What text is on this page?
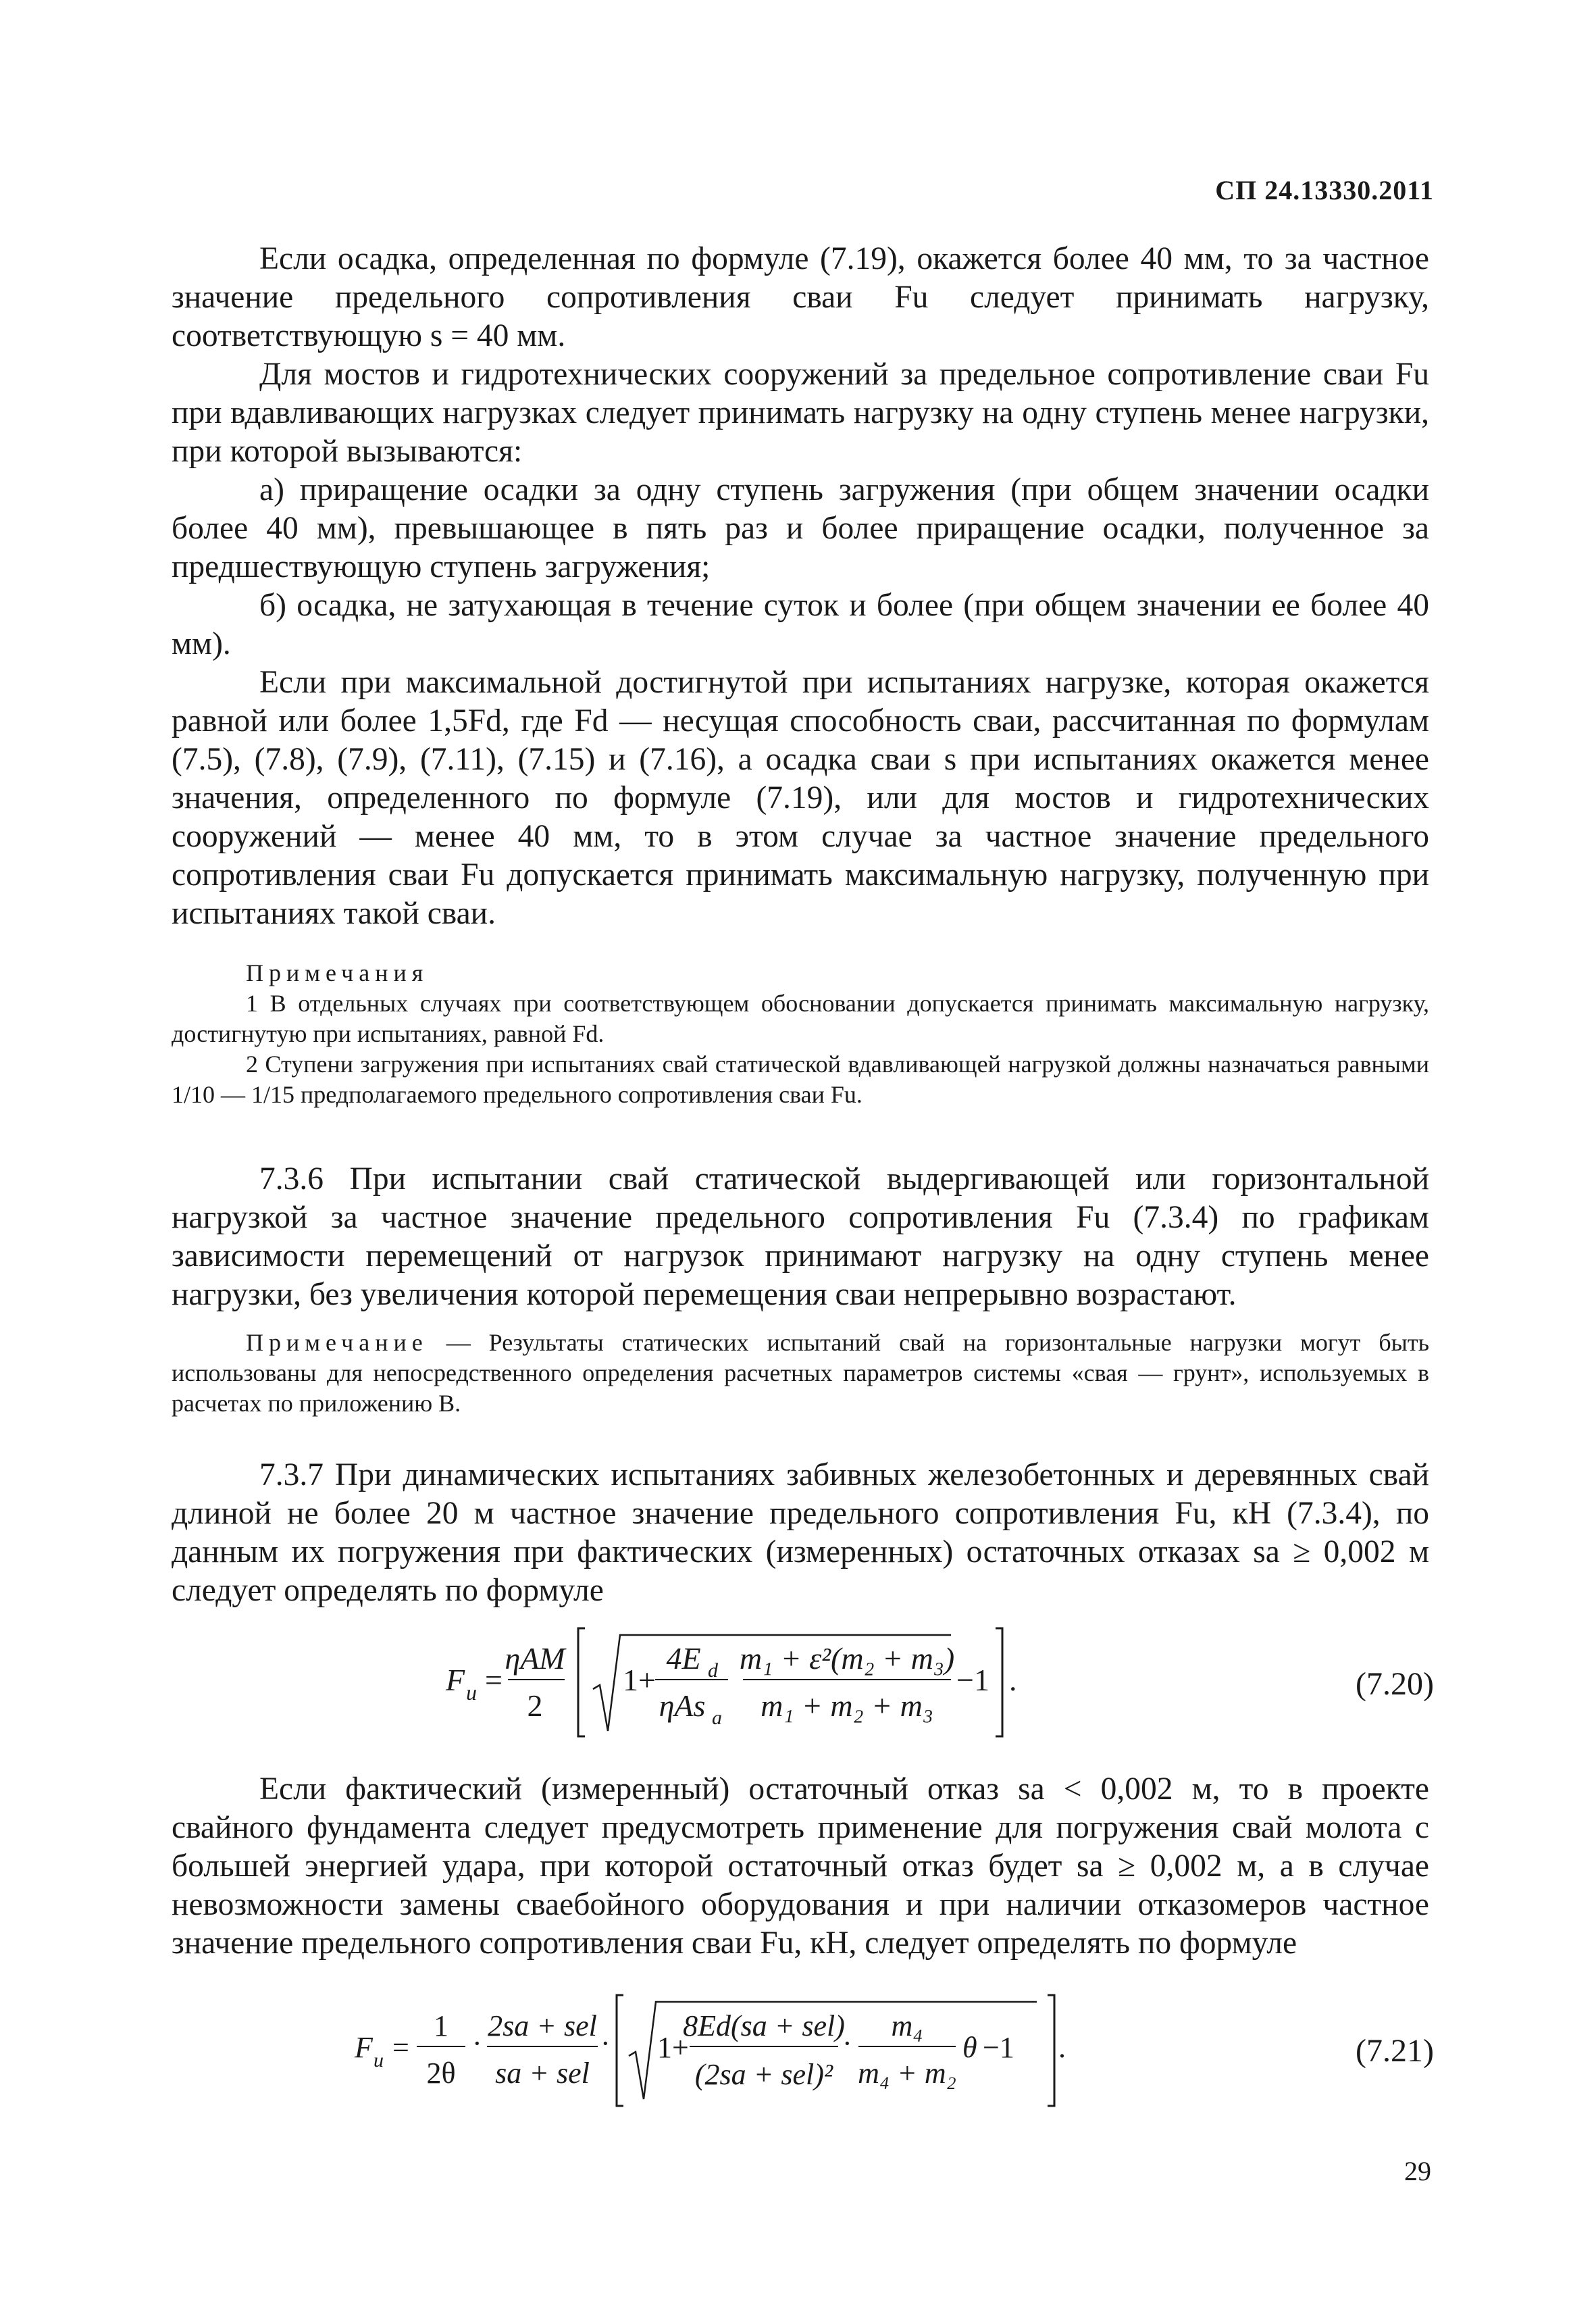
СП 24.13330.2011

Если осадка, определенная по формуле (7.19), окажется более 40 мм, то за частное значение предельного сопротивления сваи Fu следует принимать нагрузку, соответствующую s = 40 мм.

Для мостов и гидротехнических сооружений за предельное сопротивление сваи Fu при вдавливающих нагрузках следует принимать нагрузку на одну ступень менее нагрузки, при которой вызываются:

а) приращение осадки за одну ступень загружения (при общем значении осадки более 40 мм), превышающее в пять раз и более приращение осадки, полученное за предшествующую ступень загружения;

б) осадка, не затухающая в течение суток и более (при общем значении ее более 40 мм).

Если при максимальной достигнутой при испытаниях нагрузке, которая окажется равной или более 1,5Fd, где Fd — несущая способность сваи, рассчитанная по формулам (7.5), (7.8), (7.9), (7.11), (7.15) и (7.16), а осадка сваи s при испытаниях окажется менее значения, определенного по формуле (7.19), или для мостов и гидротехнических сооружений — менее 40 мм, то в этом случае за частное значение предельного сопротивления сваи Fu допускается принимать максимальную нагрузку, полученную при испытаниях такой сваи.

Примечания

1 В отдельных случаях при соответствующем обосновании допускается принимать максимальную нагрузку, достигнутую при испытаниях, равной Fd.

2 Ступени загружения при испытаниях свай статической вдавливающей нагрузкой должны назначаться равными 1/10 — 1/15 предполагаемого предельного сопротивления сваи Fu.

7.3.6 При испытании свай статической выдергивающей или горизонтальной нагрузкой за частное значение предельного сопротивления Fu (7.3.4) по графикам зависимости перемещений от нагрузок принимают нагрузку на одну ступень менее нагрузки, без увеличения которой перемещения сваи непрерывно возрастают.

Примечание — Результаты статических испытаний свай на горизонтальные нагрузки могут быть использованы для непосредственного определения расчетных параметров системы «свая — грунт», используемых в расчетах по приложению В.

7.3.7 При динамических испытаниях забивных железобетонных и деревянных свай длиной не более 20 м частное значение предельного сопротивления Fu, кН (7.3.4), по данным их погружения при фактических (измеренных) остаточных отказах sa ≥ 0,002 м следует определять по формуле

F u =
ηAM
2
1+
4E d
ηAs a
m₁ + ε²(m₂ + m₃)
m₁ + m₂ + m₃
−1 .	(7.20)

Если фактический (измеренный) остаточный отказ sa < 0,002 м, то в проекте свайного фундамента следует предусмотреть применение для погружения свай молота с большей энергией удара, при которой остаточный отказ будет sa ≥ 0,002 м, а в случае невозможности замены сваебойного оборудования и при наличии отказомеров частное значение предельного сопротивления сваи Fu, кН, следует определять по формуле

F u =
1
2θ
·
2sa + sel
sa + sel
· 1+
8Ed(sa + sel)
(2sa + sel)²
·
m₄
m₄ + m₂
θ −1 .	(7.21)
29
